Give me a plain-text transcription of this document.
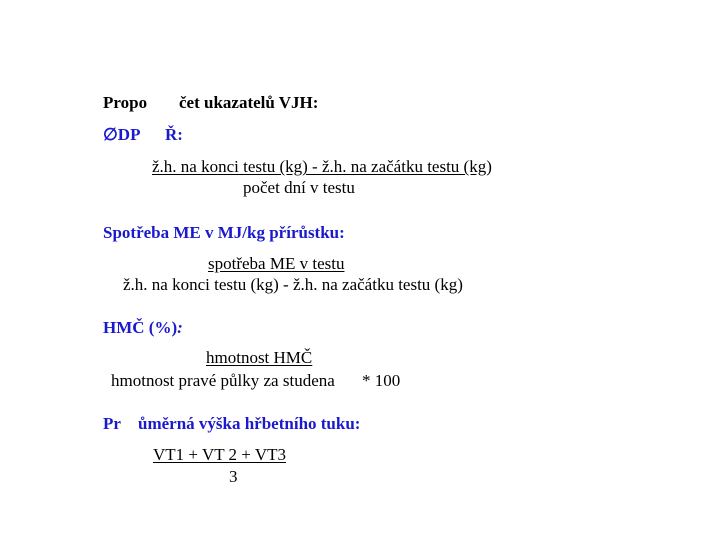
Propo čet ukazatelů VJH:
∅DP Ř:
ž.h. na konci testu (kg) - ž.h. na začátku testu (kg)
počet dní v testu
Spotřeba ME v MJ/kg přírůstku:
spotřeba ME v testu
ž.h. na konci testu (kg) - ž.h. na začátku testu (kg)
HMČ (%):
hmotnost HMČ
hmotnost pravé půlky za studena * 100
Pr ůměrná výška hřbetního tuku:
VT1 + VT 2 + VT3
3
